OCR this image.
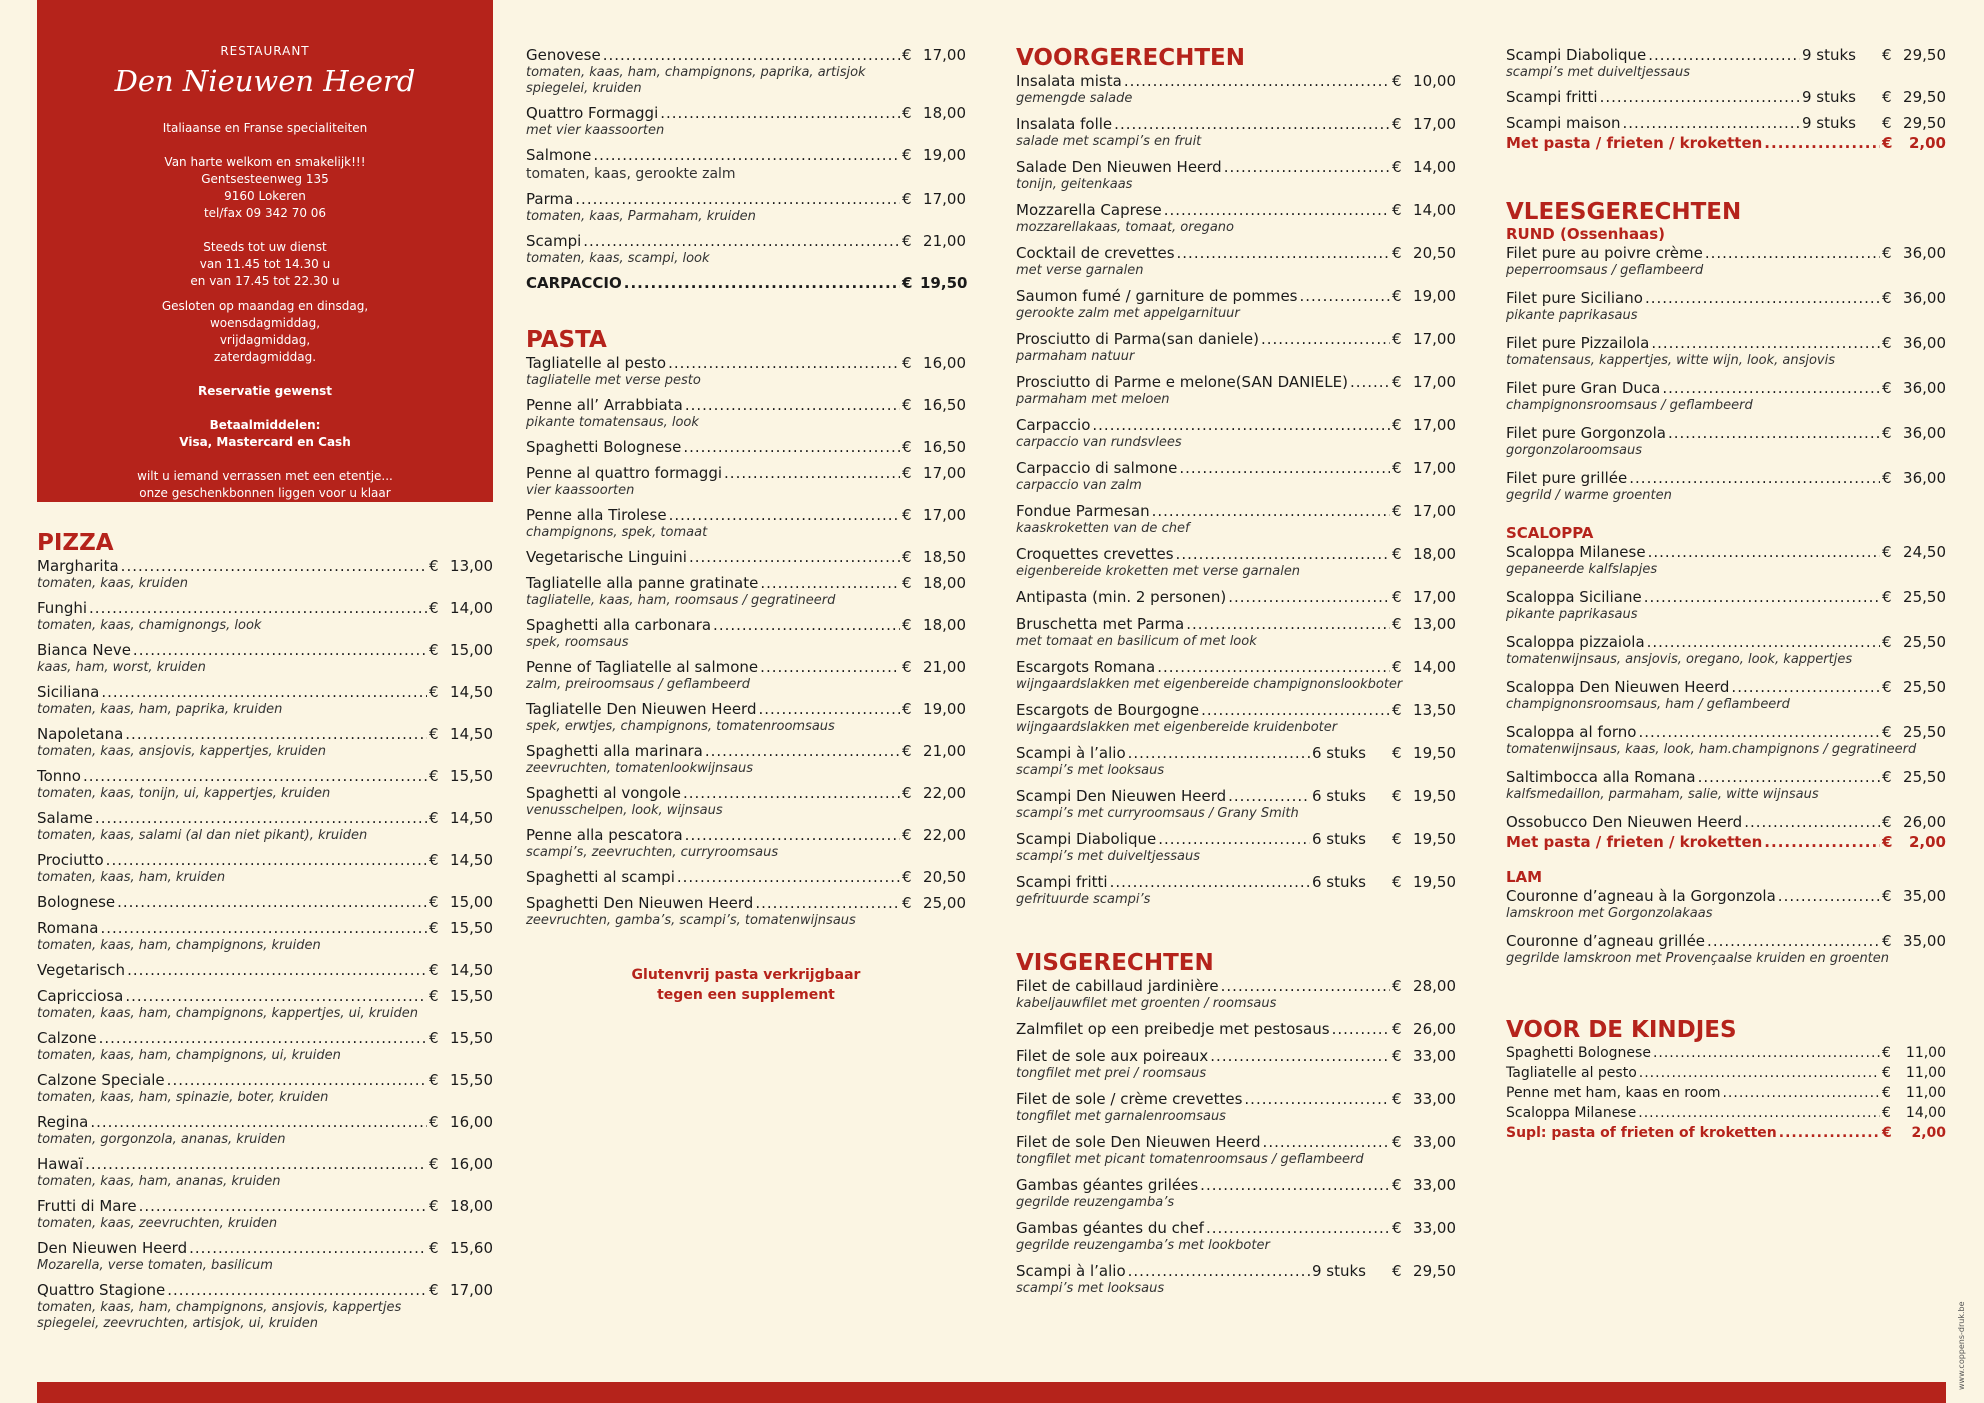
RESTAURANT
Den Nieuwen Heerd

Italiaanse en Franse specialiteiten

Van harte welkom en smakelijk!!!

Gentsesteenweg 135

9160 Lokeren

tel/fax 09 342 70 06

Steeds tot uw dienst

van 11.45 tot 14.30 u

en van 17.45 tot 22.30 u

Gesloten op maandag en dinsdag,

woensdagmiddag,

vrijdagmiddag,

zaterdagmiddag.

Reservatie gewenst

Betaalmiddelen:

Visa, Mastercard en Cash

wilt u iemand verrassen met een etentje...

onze geschenkbonnen liggen voor u klaar

PIZZA
Margharita .....	€ 13,00
tomaten, kaas, kruiden
Funghi .....	€ 14,00
tomaten, kaas, chamignongs, look
Bianca Neve .....	€ 15,00
kaas, ham, worst, kruiden
Siciliana .....	€ 14,50
tomaten, kaas, ham, paprika, kruiden
Napoletana .....	€ 14,50
tomaten, kaas, ansjovis, kappertjes, kruiden
Tonno .....	€ 15,50
tomaten, kaas, tonijn, ui, kappertjes, kruiden
Salame .....	€ 14,50
tomaten, kaas, salami (al dan niet pikant), kruiden
Prociutto .....	€ 14,50
tomaten, kaas, ham, kruiden
Bolognese .....	€ 15,00
Romana .....	€ 15,50
tomaten, kaas, ham, champignons, kruiden
Vegetarisch .....	€ 14,50
Capricciosa .....	€ 15,50
tomaten, kaas, ham, champignons, kappertjes, ui, kruiden
Calzone .....	€ 15,50
tomaten, kaas, ham, champignons, ui, kruiden
Calzone Speciale .....	€ 15,50
tomaten, kaas, ham, spinazie, boter, kruiden
Regina .....	€ 16,00
tomaten, gorgonzola, ananas, kruiden
Hawaï .....	€ 16,00
tomaten, kaas, ham, ananas, kruiden
Frutti di Mare .....	€ 18,00
tomaten, kaas, zeevruchten, kruiden
Den Nieuwen Heerd .....	€ 15,60
Mozarella, verse tomaten, basilicum
Quattro Stagione .....	€ 17,00
tomaten, kaas, ham, champignons, ansjovis, kappertjes
spiegelei, zeevruchten, artisjok, ui, kruiden
Genovese .....	€ 17,00
tomaten, kaas, ham, champignons, paprika, artisjok
spiegelei, kruiden
Quattro Formaggi .....	€ 18,00
met vier kaassoorten
Salmone .....	€ 19,00
tomaten, kaas, gerookte zalm
Parma .....	€ 17,00
tomaten, kaas, Parmaham, kruiden
Scampi .....	€ 21,00
tomaten, kaas, scampi, look
CARPACCIO .....	€ 19,50
PASTA
Tagliatelle al pesto .....	€ 16,00
tagliatelle met verse pesto
Penne all’ Arrabbiata .....	€ 16,50
pikante tomatensaus, look
Spaghetti Bolognese .....	€ 16,50
Penne al quattro formaggi .....	€ 17,00
vier kaassoorten
Penne alla Tirolese .....	€ 17,00
champignons, spek, tomaat
Vegetarische Linguini .....	€ 18,50
Tagliatelle alla panne gratinate .....	€ 18,00
tagliatelle, kaas, ham, roomsaus / gegratineerd
Spaghetti alla carbonara .....	€ 18,00
spek, roomsaus
Penne of Tagliatelle al salmone .....	€ 21,00
zalm, preiroomsaus / geflambeerd
Tagliatelle Den Nieuwen Heerd .....	€ 19,00
spek, erwtjes, champignons, tomatenroomsaus
Spaghetti alla marinara .....	€ 21,00
zeevruchten, tomatenlookwijnsaus
Spaghetti al vongole .....	€ 22,00
venusschelpen, look, wijnsaus
Penne alla pescatora .....	€ 22,00
scampi’s, zeevruchten, curryroomsaus
Spaghetti al scampi .....	€ 20,50
Spaghetti Den Nieuwen Heerd .....	€ 25,00
zeevruchten, gamba’s, scampi’s, tomatenwijnsaus
Glutenvrij pasta verkrijgbaar
tegen een supplement
VOORGERECHTEN
Insalata mista .....	€ 10,00
gemengde salade
Insalata folle .....	€ 17,00
salade met scampi’s en fruit
Salade Den Nieuwen Heerd .....	€ 14,00
tonijn, geitenkaas
Mozzarella Caprese .....	€ 14,00
mozzarellakaas, tomaat, oregano
Cocktail de crevettes .....	€ 20,50
met verse garnalen
Saumon fumé / garniture de pommes .....	€ 19,00
gerookte zalm met appelgarnituur
Prosciutto di Parma(san daniele) .....	€ 17,00
parmaham natuur
Prosciutto di Parme e melone(SAN DANIELE) .....	€ 17,00
parmaham met meloen
Carpaccio .....	€ 17,00
carpaccio van rundsvlees
Carpaccio di salmone .....	€ 17,00
carpaccio van zalm
Fondue Parmesan .....	€ 17,00
kaaskroketten van de chef
Croquettes crevettes .....	€ 18,00
eigenbereide kroketten met verse garnalen
Antipasta (min. 2 personen) .....	€ 17,00
Bruschetta met Parma .....	€ 13,00
met tomaat en basilicum of met look
Escargots Romana .....	€ 14,00
wijngaardslakken met eigenbereide champignonslookboter
Escargots de Bourgogne .....	€ 13,50
wijngaardslakken met eigenbereide kruidenboter
Scampi à l’alio .....	6 stuks € 19,50
scampi’s met looksaus
Scampi Den Nieuwen Heerd .....	6 stuks € 19,50
scampi’s met curryroomsaus / Grany Smith
Scampi Diabolique .....	6 stuks € 19,50
scampi’s met duiveltjessaus
Scampi fritti .....	6 stuks € 19,50
gefrituurde scampi’s
VISGERECHTEN
Filet de cabillaud jardinière .....	€ 28,00
kabeljauwfilet met groenten / roomsaus
Zalmfilet op een preibedje met pestosaus .....	€ 26,00
Filet de sole aux poireaux .....	€ 33,00
tongfilet met prei / roomsaus
Filet de sole / crème crevettes .....	€ 33,00
tongfilet met garnalenroomsaus
Filet de sole Den Nieuwen Heerd .....	€ 33,00
tongfilet met picant tomatenroomsaus / geflambeerd
Gambas géantes grilées .....	€ 33,00
gegrilde reuzengamba’s
Gambas géantes du chef .....	€ 33,00
gegrilde reuzengamba’s met lookboter
Scampi à l’alio .....	9 stuks € 29,50
scampi’s met looksaus
Scampi Diabolique .....	9 stuks € 29,50
scampi’s met duiveltjessaus
Scampi fritti .....	9 stuks € 29,50
Scampi maison .....	9 stuks € 29,50
Met pasta / frieten / kroketten .....	€	2,00
VLEESGERECHTEN
RUND (Ossenhaas)
Filet pure au poivre crème .....	€ 36,00
peperroomsaus / geflambeerd
Filet pure Siciliano .....	€ 36,00
pikante paprikasaus
Filet pure Pizzailola .....	€ 36,00
tomatensaus, kappertjes, witte wijn, look, ansjovis
Filet pure Gran Duca .....	€ 36,00
champignonsroomsaus / geflambeerd
Filet pure Gorgonzola .....	€ 36,00
gorgonzolaroomsaus
Filet pure grillée .....	€ 36,00
gegrild / warme groenten
SCALOPPA
Scaloppa Milanese .....	€ 24,50
gepaneerde kalfslapjes
Scaloppa Siciliane .....	€ 25,50
pikante paprikasaus
Scaloppa pizzaiola .....	€ 25,50
tomatenwijnsaus, ansjovis, oregano, look, kappertjes
Scaloppa Den Nieuwen Heerd .....	€ 25,50
champignonsroomsaus, ham / geflambeerd
Scaloppa al forno .....	€ 25,50
tomatenwijnsaus, kaas, look, ham.champignons / gegratineerd
Saltimbocca alla Romana .....	€ 25,50
kalfsmedaillon, parmaham, salie, witte wijnsaus
Ossobucco Den Nieuwen Heerd .....	€ 26,00
Met pasta / frieten / kroketten .....	€	2,00
LAM
Couronne d’agneau à la Gorgonzola .....	€ 35,00
lamskroon met Gorgonzolakaas
Couronne d’agneau grillée .....	€ 35,00
gegrilde lamskroon met Provençaalse kruiden en groenten
VOOR DE KINDJES
Spaghetti Bolognese .....	€	11,00
Tagliatelle al pesto .....	€	11,00
Penne met ham, kaas en room .....	€	11,00
Scaloppa Milanese .....	€	14,00
Supl: pasta of frieten of kroketten .....	€	2,00
www.coppens-druk.be
